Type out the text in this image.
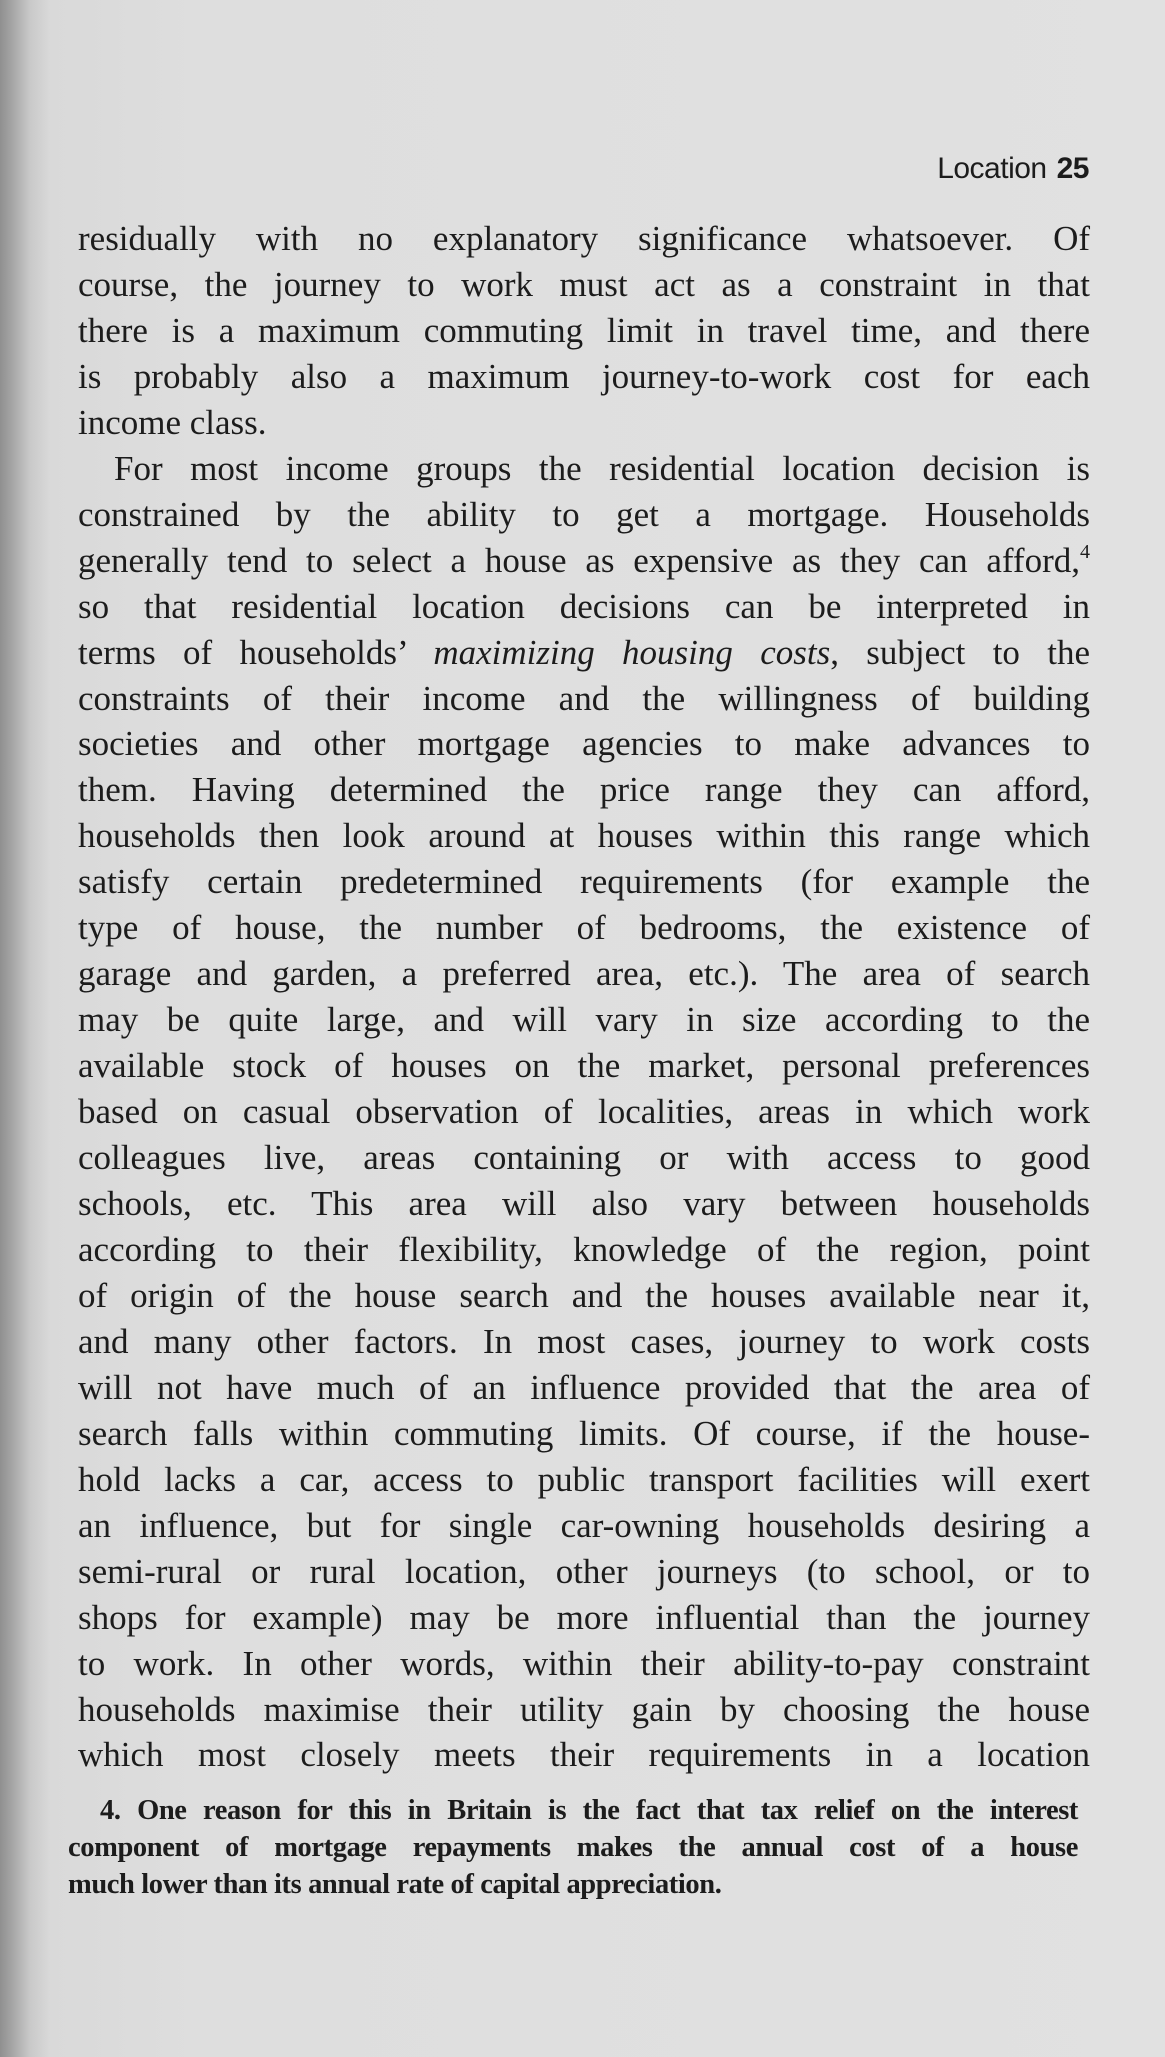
Location 25
residually with no explanatory significance whatsoever. Of
course, the journey to work must act as a constraint in that
there is a maximum commuting limit in travel time, and there
is probably also a maximum journey-to-work cost for each
income class.
For most income groups the residential location decision is
constrained by the ability to get a mortgage. Households
generally tend to select a house as expensive as they can afford,$^4$
so that residential location decisions can be interpreted in
terms of households’ maximizing housing costs, subject to the
constraints of their income and the willingness of building
societies and other mortgage agencies to make advances to
them. Having determined the price range they can afford,
households then look around at houses within this range which
satisfy certain predetermined requirements (for example the
type of house, the number of bedrooms, the existence of
garage and garden, a preferred area, etc.). The area of search
may be quite large, and will vary in size according to the
available stock of houses on the market, personal preferences
based on casual observation of localities, areas in which work
colleagues live, areas containing or with access to good
schools, etc. This area will also vary between households
according to their flexibility, knowledge of the region, point
of origin of the house search and the houses available near it,
and many other factors. In most cases, journey to work costs
will not have much of an influence provided that the area of
search falls within commuting limits. Of course, if the house-
hold lacks a car, access to public transport facilities will exert
an influence, but for single car-owning households desiring a
semi-rural or rural location, other journeys (to school, or to
shops for example) may be more influential than the journey
to work. In other words, within their ability-to-pay constraint
households maximise their utility gain by choosing the house
which most closely meets their requirements in a location
4. One reason for this in Britain is the fact that tax relief on the interest
component of mortgage repayments makes the annual cost of a house
much lower than its annual rate of capital appreciation.
